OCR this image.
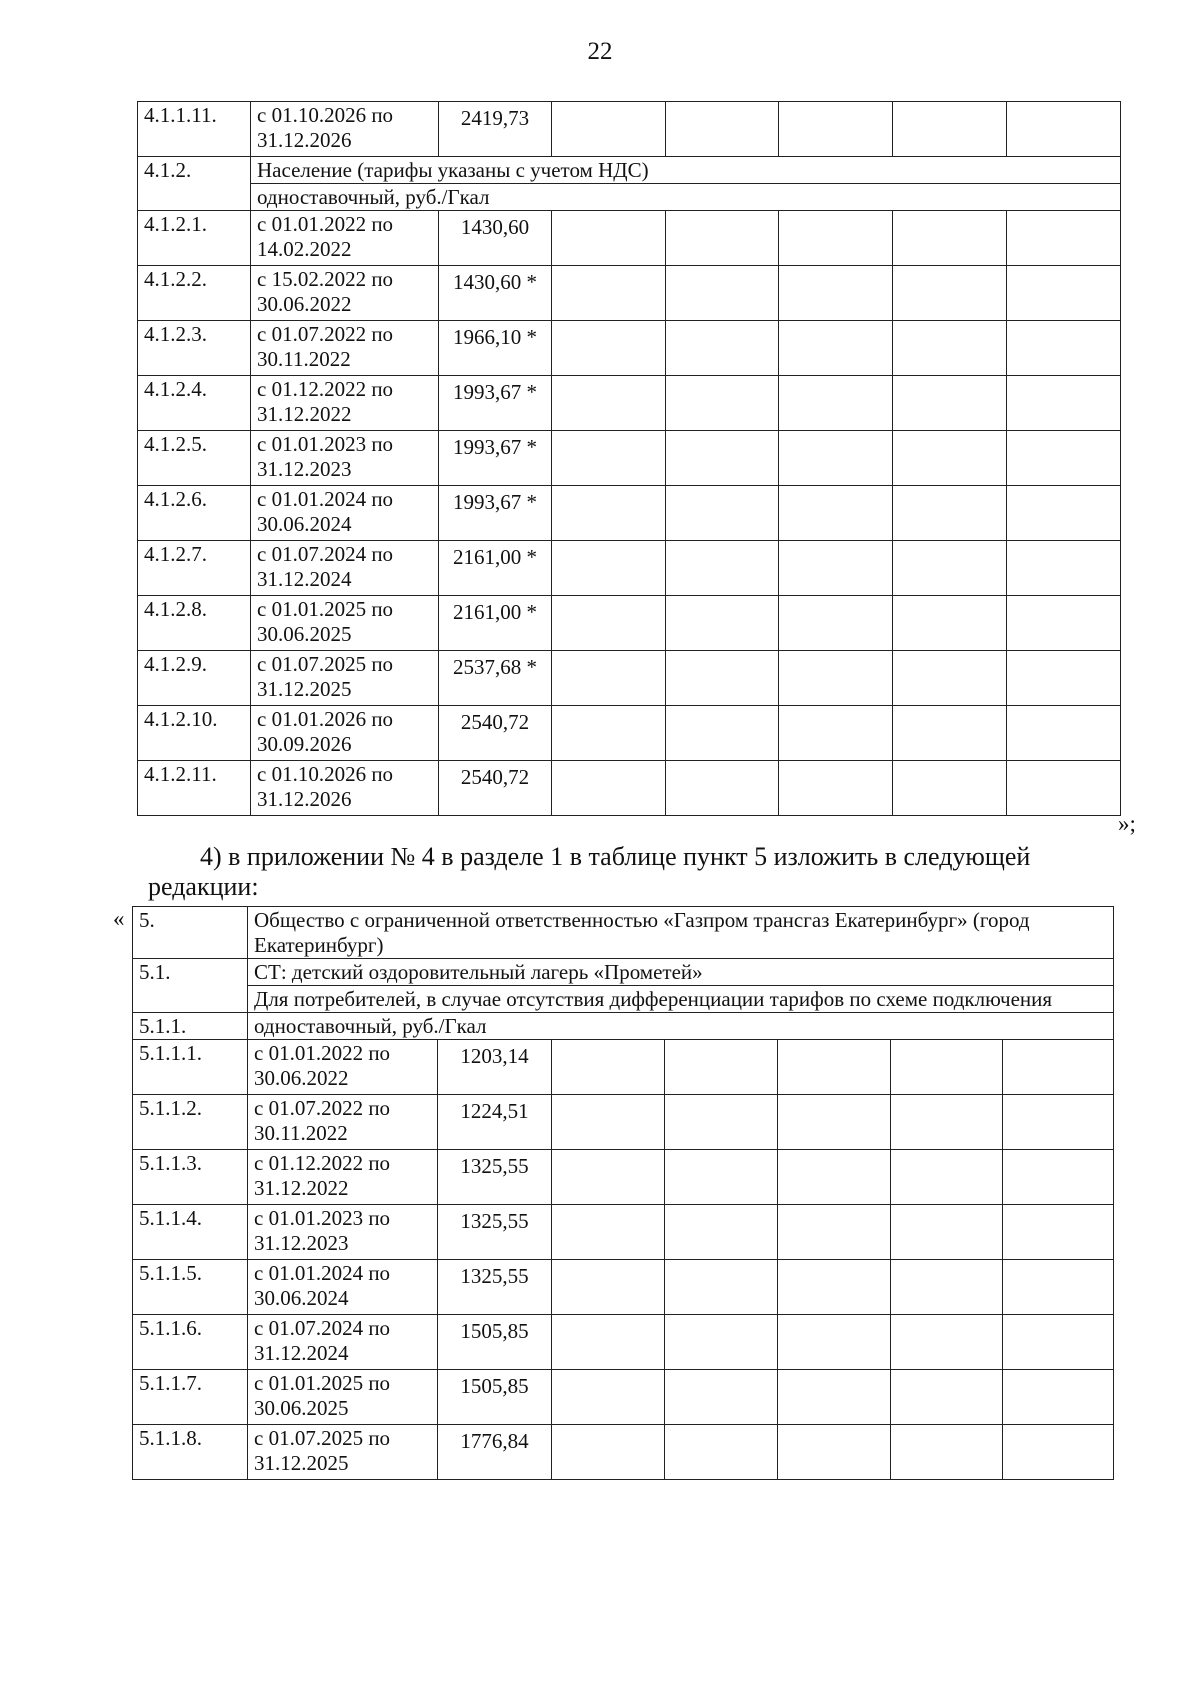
22
4.1.1.11.	с 01.10.2026 по 31.12.2026	2419,73					
4.1.2.	Население (тарифы указаны с учетом НДС)						
	одноставочный, руб./Гкал						
4.1.2.1.	с 01.01.2022 по 14.02.2022	1430,60					
4.1.2.2.	с 15.02.2022 по 30.06.2022	1430,60 *					
4.1.2.3.	с 01.07.2022 по 30.11.2022	1966,10 *					
4.1.2.4.	с 01.12.2022 по 31.12.2022	1993,67 *					
4.1.2.5.	с 01.01.2023 по 31.12.2023	1993,67 *					
4.1.2.6.	с 01.01.2024 по 30.06.2024	1993,67 *					
4.1.2.7.	с 01.07.2024 по 31.12.2024	2161,00 *					
4.1.2.8.	с 01.01.2025 по 30.06.2025	2161,00 *					
4.1.2.9.	с 01.07.2025 по 31.12.2025	2537,68 *					
4.1.2.10.	с 01.01.2026 по 30.09.2026	2540,72					
4.1.2.11.	с 01.10.2026 по 31.12.2026	2540,72					
»;
4) в приложении № 4 в разделе 1 в таблице пункт 5 изложить в следующей
редакции:
« 5.	Общество с ограниченной ответственностью «Газпром трансгаз Екатеринбург» (город Екатеринбург)						
5.1.	СТ: детский оздоровительный лагерь «Прометей»						
	Для потребителей, в случае отсутствия дифференциации тарифов по схеме подключения						
5.1.1.	одноставочный, руб./Гкал						
5.1.1.1.	с 01.01.2022 по 30.06.2022	1203,14					
5.1.1.2.	с 01.07.2022 по 30.11.2022	1224,51					
5.1.1.3.	с 01.12.2022 по 31.12.2022	1325,55					
5.1.1.4.	с 01.01.2023 по 31.12.2023	1325,55					
5.1.1.5.	с 01.01.2024 по 30.06.2024	1325,55					
5.1.1.6.	с 01.07.2024 по 31.12.2024	1505,85					
5.1.1.7.	с 01.01.2025 по 30.06.2025	1505,85					
5.1.1.8.	с 01.07.2025 по 31.12.2025	1776,84					
